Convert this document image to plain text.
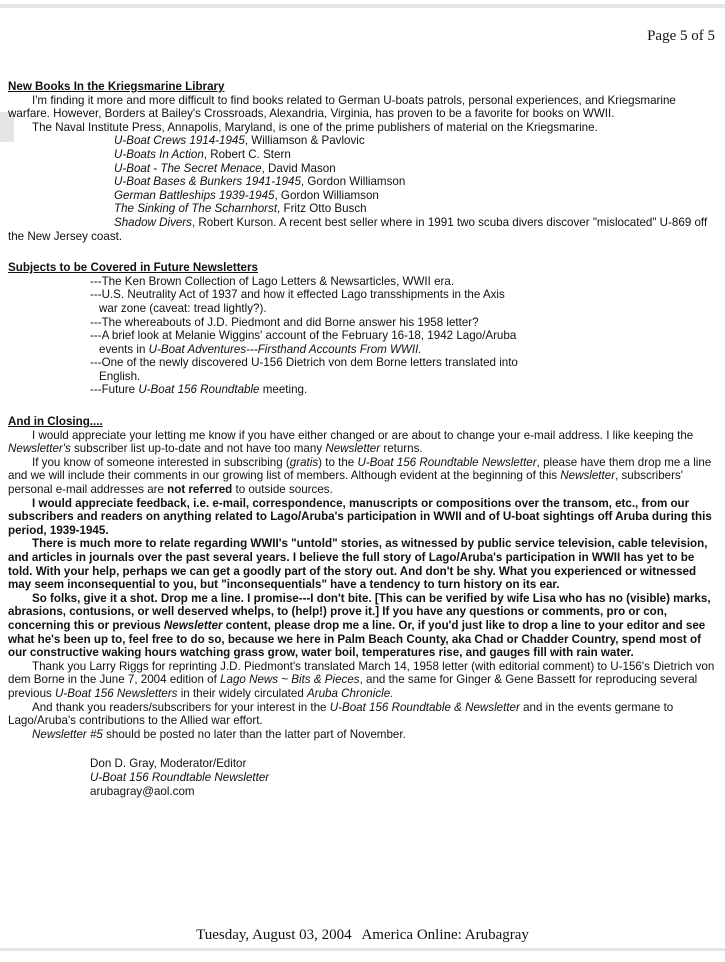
Page 5 of 5

New Books In the Kriegsmarine Library

I'm finding it more and more difficult to find books related to German U-boats patrols, personal experiences, and Kriegsmarine warfare. However, Borders at Bailey's Crossroads, Alexandria, Virginia, has proven to be a favorite for books on WWII.

The Naval Institute Press, Annapolis, Maryland, is one of the prime publishers of material on the Kriegsmarine.

U-Boat Crews 1914-1945, Williamson & Pavlovic

U-Boats In Action, Robert C. Stern

U-Boat - The Secret Menace, David Mason

U-Boat Bases & Bunkers 1941-1945, Gordon Williamson

German Battleships 1939-1945, Gordon Williamson

The Sinking of The Scharnhorst, Fritz Otto Busch

Shadow Divers, Robert Kurson. A recent best seller where in 1991 two scuba divers discover "mislocated" U-869 off the New Jersey coast.

Subjects to be Covered in Future Newsletters

---The Ken Brown Collection of Lago Letters & Newsarticles, WWII era.

---U.S. Neutrality Act of 1937 and how it effected Lago transshipments in the Axis war zone (caveat: tread lightly?).

---The whereabouts of J.D. Piedmont and did Borne answer his 1958 letter?

---A brief look at Melanie Wiggins' account of the February 16-18, 1942 Lago/Aruba events in U-Boat Adventures---Firsthand Accounts From WWII.

---One of the newly discovered U-156 Dietrich von dem Borne letters translated into English.

---Future U-Boat 156 Roundtable meeting.

And in Closing....

I would appreciate your letting me know if you have either changed or are about to change your e-mail address. I like keeping the Newsletter's subscriber list up-to-date and not have too many Newsletter returns.

If you know of someone interested in subscribing (gratis) to the U-Boat 156 Roundtable Newsletter, please have them drop me a line and we will include their comments in our growing list of members. Although evident at the beginning of this Newsletter, subscribers' personal e-mail addresses are not referred to outside sources.

I would appreciate feedback, i.e. e-mail, correspondence, manuscripts or compositions over the transom, etc., from our subscribers and readers on anything related to Lago/Aruba's participation in WWII and of U-boat sightings off Aruba during this period, 1939-1945.

There is much more to relate regarding WWII's "untold" stories, as witnessed by public service television, cable television, and articles in journals over the past several years. I believe the full story of Lago/Aruba's participation in WWII has yet to be told. With your help, perhaps we can get a goodly part of the story out. And don't be shy. What you experienced or witnessed may seem inconsequential to you, but "inconsequentials" have a tendency to turn history on its ear.

So folks, give it a shot. Drop me a line. I promise---I don't bite. [This can be verified by wife Lisa who has no (visible) marks, abrasions, contusions, or well deserved whelps, to (help!) prove it.] If you have any questions or comments, pro or con, concerning this or previous Newsletter content, please drop me a line. Or, if you'd just like to drop a line to your editor and see what he's been up to, feel free to do so, because we here in Palm Beach County, aka Chad or Chadder Country, spend most of our constructive waking hours watching grass grow, water boil, temperatures rise, and gauges fill with rain water.

Thank you Larry Riggs for reprinting J.D. Piedmont's translated March 14, 1958 letter (with editorial comment) to U-156's Dietrich von dem Borne in the June 7, 2004 edition of Lago News ~ Bits & Pieces, and the same for Ginger & Gene Bassett for reproducing several previous U-Boat 156 Newsletters in their widely circulated Aruba Chronicle.

And thank you readers/subscribers for your interest in the U-Boat 156 Roundtable & Newsletter and in the events germane to Lago/Aruba's contributions to the Allied war effort.

Newsletter #5 should be posted no later than the latter part of November.

Don D. Gray, Moderator/Editor

U-Boat 156 Roundtable Newsletter

arubagray@aol.com

Tuesday, August 03, 2004 America Online: Arubagray
